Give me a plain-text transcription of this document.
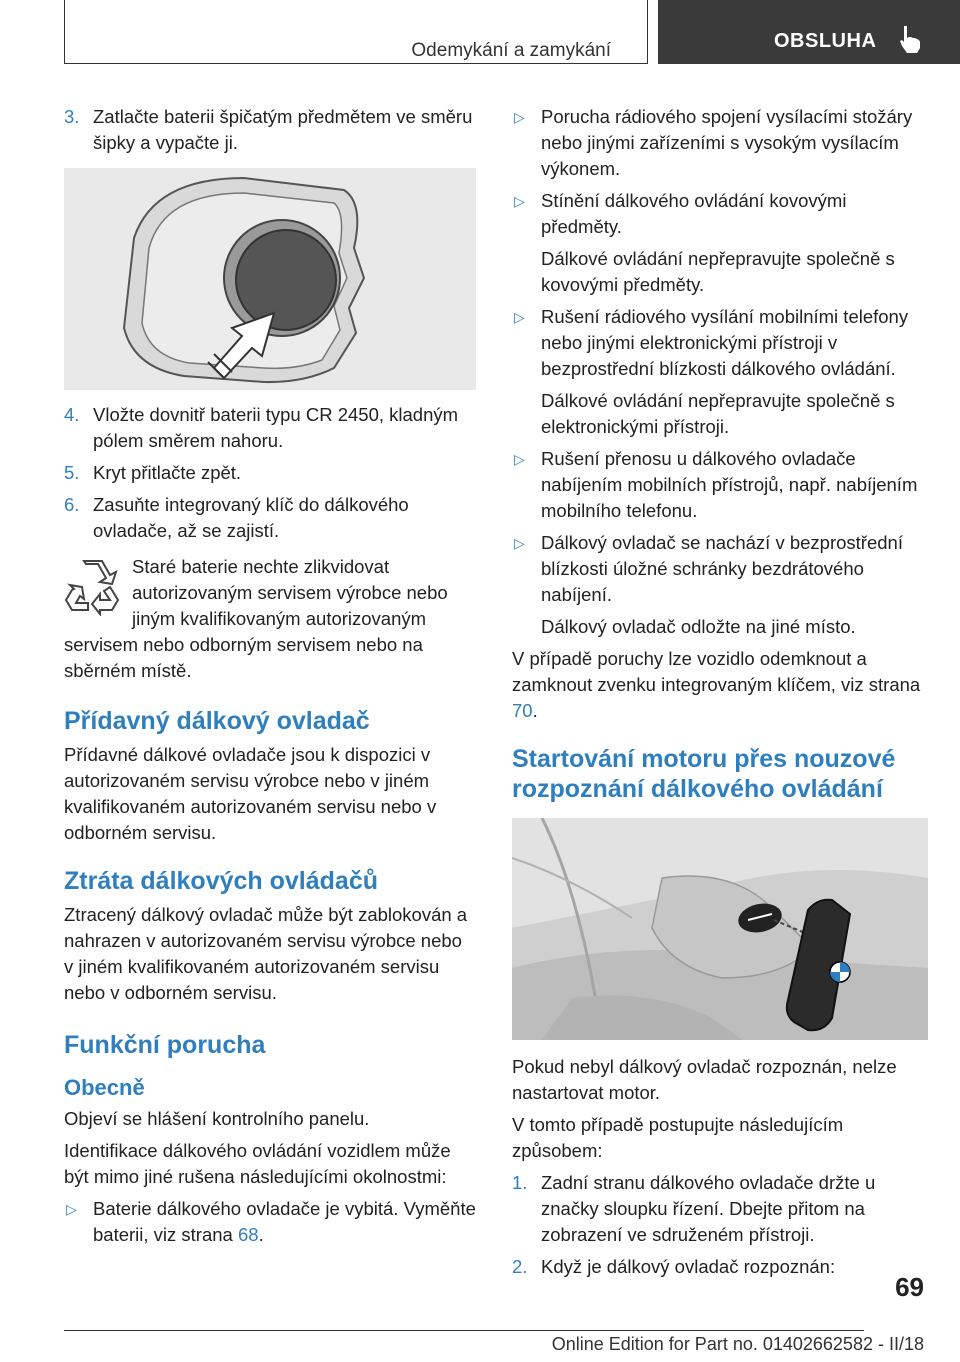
Odemykání a zamykání	OBSLUHA
3. Zatlačte baterii špičatým předmětem ve směru šipky a vypačte ji.
4. Vložte dovnitř baterii typu CR 2450, kladným pólem směrem nahoru.
5. Kryt přitlačte zpět.
6. Zasuňte integrovaný klíč do dálkového ovladače, až se zajistí.
Staré baterie nechte zlikvidovat autorizovaným servisem výrobce nebo jiným kvalifikovaným autorizovaným servisem nebo odborným servisem nebo na sběrném místě.
Přídavný dálkový ovladač
Přídavné dálkové ovladače jsou k dispozici v autorizovaném servisu výrobce nebo v jiném kvalifikovaném autorizovaném servisu nebo v odborném servisu.
Ztráta dálkových ovládačů
Ztracený dálkový ovladač může být zablokován a nahrazen v autorizovaném servisu výrobce nebo v jiném kvalifikovaném autorizovaném servisu nebo v odborném servisu.
Funkční porucha
Obecně
Objeví se hlášení kontrolního panelu.
Identifikace dálkového ovládání vozidlem může být mimo jiné rušena následujícími okolnostmi:
▷ Baterie dálkového ovladače je vybitá. Vyměňte baterii, viz strana 68.
▷ Porucha rádiového spojení vysílacími stožáry nebo jinými zařízeními s vysokým vysílacím výkonem.
▷ Stínění dálkového ovládání kovovými předměty.
Dálkové ovládání nepřepravujte společně s kovovými předměty.
▷ Rušení rádiového vysílání mobilními telefony nebo jinými elektronickými přístroji v bezprostřední blízkosti dálkového ovládání.
Dálkové ovládání nepřepravujte společně s elektronickými přístroji.
▷ Rušení přenosu u dálkového ovladače nabíjením mobilních přístrojů, např. nabíjením mobilního telefonu.
▷ Dálkový ovladač se nachází v bezprostřední blízkosti úložné schránky bezdrátového nabíjení.
Dálkový ovladač odložte na jiné místo.
V případě poruchy lze vozidlo odemknout a zamknout zvenku integrovaným klíčem, viz strana 70.
Startování motoru přes nouzové rozpoznání dálkového ovládání
Pokud nebyl dálkový ovladač rozpoznán, nelze nastartovat motor.
V tomto případě postupujte následujícím způsobem:
1. Zadní stranu dálkového ovladače držte u značky sloupku řízení. Dbejte přitom na zobrazení ve sdruženém přístroji.
2. Když je dálkový ovladač rozpoznán:
69
Online Edition for Part no. 01402662582 - II/18
